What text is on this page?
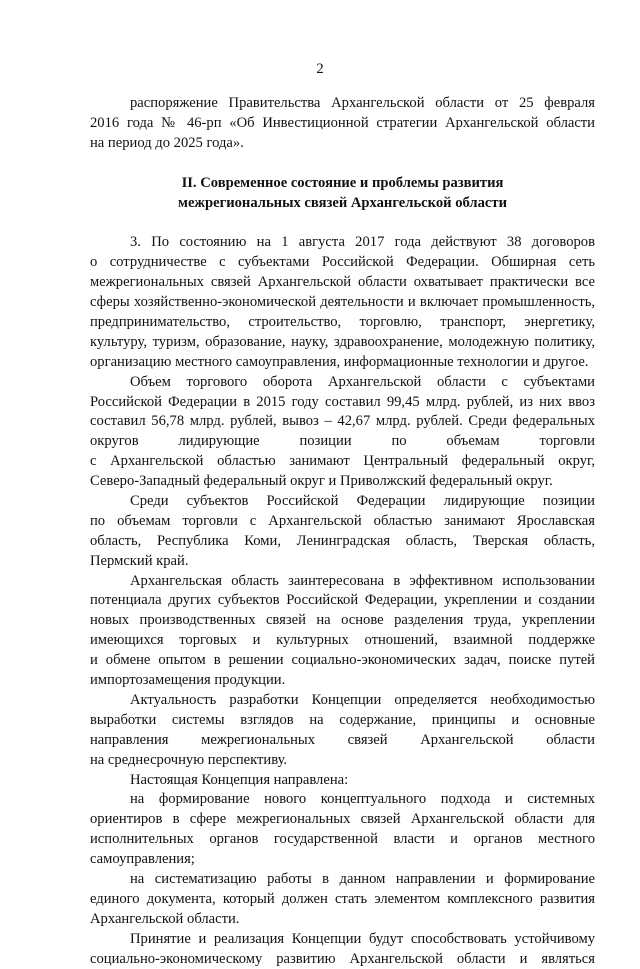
2
распоряжение Правительства Архангельской области от 25 февраля
2016 года № 46-рп «Об Инвестиционной стратегии Архангельской области
на период до 2025 года».
II. Современное состояние и проблемы развития
межрегиональных связей Архангельской области
3. По состоянию на 1 августа 2017 года действуют 38 договоров
о сотрудничестве с субъектами Российской Федерации. Обширная сеть
межрегиональных связей Архангельской области охватывает практически все
сферы хозяйственно-экономической деятельности и включает промышленность,
предпринимательство, строительство, торговлю, транспорт, энергетику,
культуру, туризм, образование, науку, здравоохранение, молодежную политику,
организацию местного самоуправления, информационные технологии и другое.
Объем торгового оборота Архангельской области с субъектами
Российской Федерации в 2015 году составил 99,45 млрд. рублей, из них ввоз
составил 56,78 млрд. рублей, вывоз – 42,67 млрд. рублей. Среди федеральных
округов лидирующие позиции по объемам торговли
с Архангельской областью занимают Центральный федеральный округ,
Северо-Западный федеральный округ и Приволжский федеральный округ.
Среди субъектов Российской Федерации лидирующие позиции
по объемам торговли с Архангельской областью занимают Ярославская
область, Республика Коми, Ленинградская область, Тверская область,
Пермский край.
Архангельская область заинтересована в эффективном использовании
потенциала других субъектов Российской Федерации, укреплении и создании
новых производственных связей на основе разделения труда, укреплении
имеющихся торговых и культурных отношений, взаимной поддержке
и обмене опытом в решении социально-экономических задач, поиске путей
импортозамещения продукции.
Актуальность разработки Концепции определяется необходимостью
выработки системы взглядов на содержание, принципы и основные
направления межрегиональных связей Архангельской области
на среднесрочную перспективу.
Настоящая Концепция направлена:
на формирование нового концептуального подхода и системных
ориентиров в сфере межрегиональных связей Архангельской области для
исполнительных органов государственной власти и органов местного
самоуправления;
на систематизацию работы в данном направлении и формирование
единого документа, который должен стать элементом комплексного развития
Архангельской области.
Принятие и реализация Концепции будут способствовать устойчивому
социально-экономическому развитию Архангельской области и являться
